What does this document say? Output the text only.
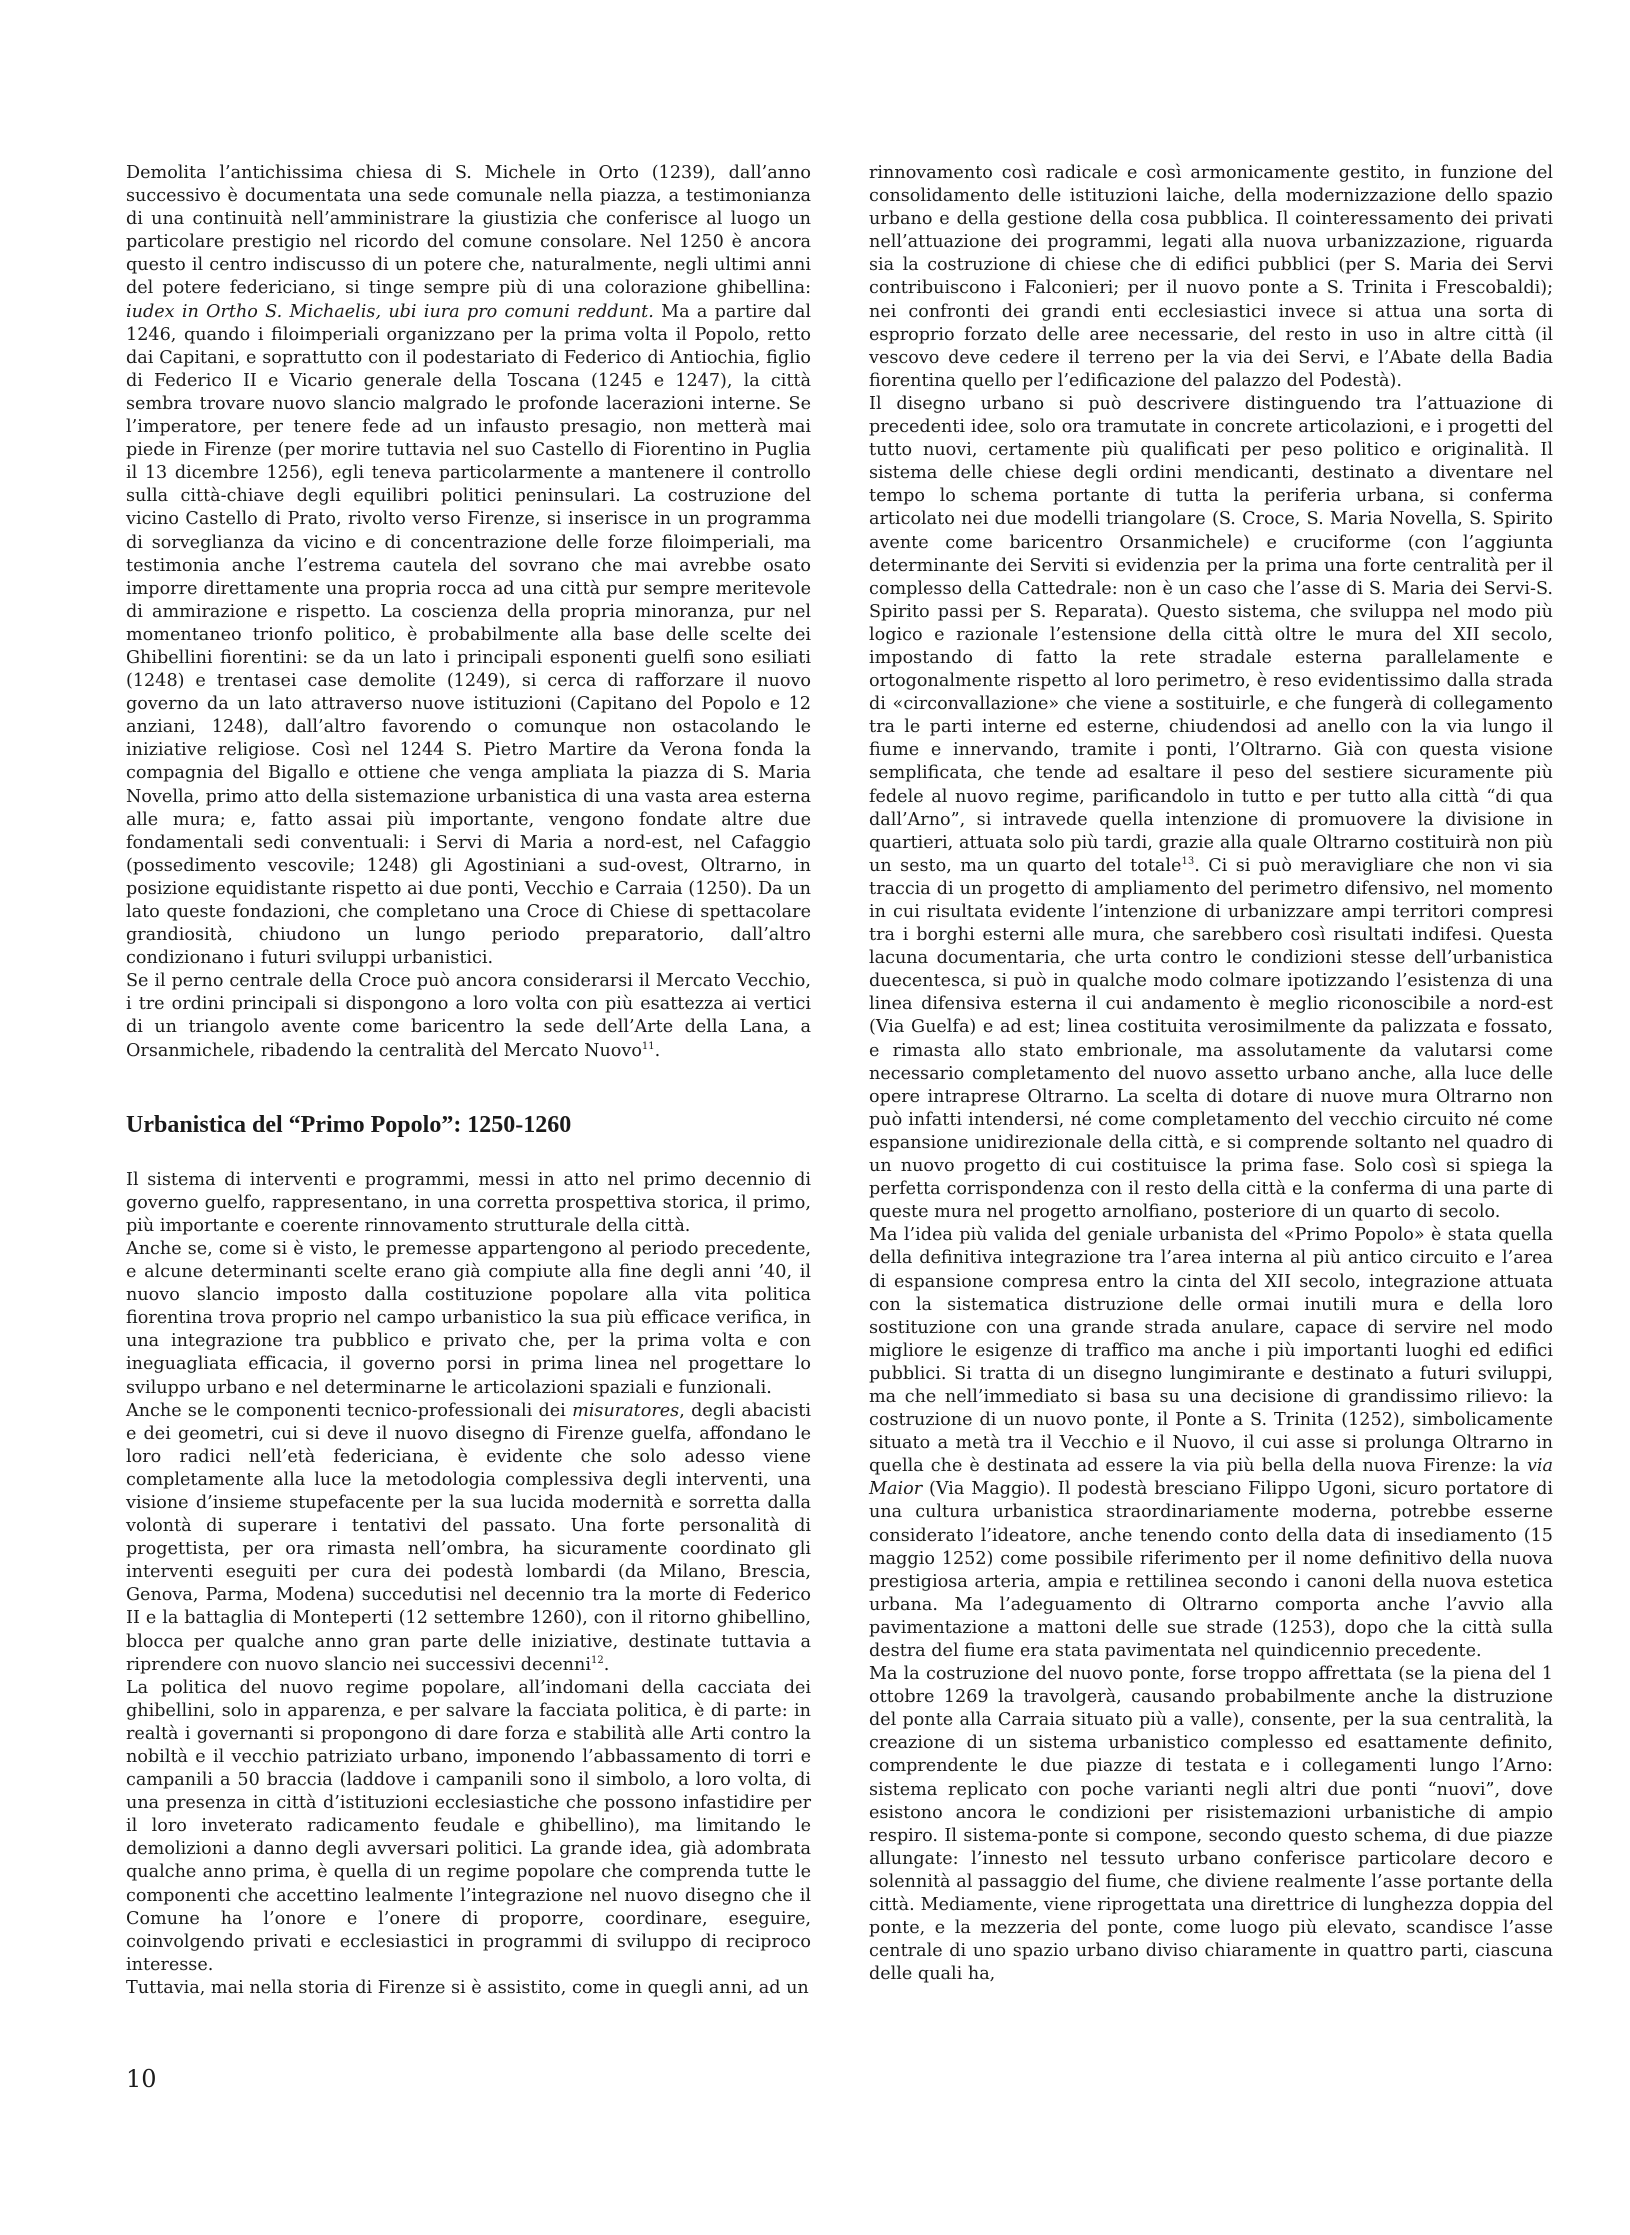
Demolita l’antichissima chiesa di S. Michele in Orto (1239), dall’anno successivo è documentata una sede comunale nella piazza, a testimonianza di una continuità nell’amministrare la giustizia che conferisce al luogo un particolare prestigio nel ricordo del comune consolare. Nel 1250 è ancora questo il centro indiscusso di un potere che, naturalmente, negli ultimi anni del potere federiciano, si tinge sempre più di una colorazione ghibellina: iudex in Ortho S. Michaelis, ubi iura pro comuni reddunt. Ma a partire dal 1246, quando i filoimperiali organizzano per la prima volta il Popolo, retto dai Capitani, e soprattutto con il podestariato di Federico di Antiochia, figlio di Federico II e Vicario generale della Toscana (1245 e 1247), la città sembra trovare nuovo slancio malgrado le profonde lacerazioni interne. Se l’imperatore, per tenere fede ad un infausto presagio, non metterà mai piede in Firenze (per morire tuttavia nel suo Castello di Fiorentino in Puglia il 13 dicembre 1256), egli teneva particolarmente a mantenere il controllo sulla città-chiave degli equilibri politici peninsulari. La costruzione del vicino Castello di Prato, rivolto verso Firenze, si inserisce in un programma di sorveglianza da vicino e di concentrazione delle forze filoimperiali, ma testimonia anche l’estrema cautela del sovrano che mai avrebbe osato imporre direttamente una propria rocca ad una città pur sempre meritevole di ammirazione e rispetto. La coscienza della propria minoranza, pur nel momentaneo trionfo politico, è probabilmente alla base delle scelte dei Ghibellini fiorentini: se da un lato i principali esponenti guelfi sono esiliati (1248) e trentasei case demolite (1249), si cerca di rafforzare il nuovo governo da un lato attraverso nuove istituzioni (Capitano del Popolo e 12 anziani, 1248), dall’altro favorendo o comunque non ostacolando le iniziative religiose. Così nel 1244 S. Pietro Martire da Verona fonda la compagnia del Bigallo e ottiene che venga ampliata la piazza di S. Maria Novella, primo atto della sistemazione urbanistica di una vasta area esterna alle mura; e, fatto assai più importante, vengono fondate altre due fondamentali sedi conventuali: i Servi di Maria a nord-est, nel Cafaggio (possedimento vescovile; 1248) gli Agostiniani a sud-ovest, Oltrarno, in posizione equidistante rispetto ai due ponti, Vecchio e Carraia (1250). Da un lato queste fondazioni, che completano una Croce di Chiese di spettacolare grandiosità, chiudono un lungo periodo preparatorio, dall’altro condizionano i futuri sviluppi urbanistici.

Se il perno centrale della Croce può ancora considerarsi il Mercato Vecchio, i tre ordini principali si dispongono a loro volta con più esattezza ai vertici di un triangolo avente come baricentro la sede dell’Arte della Lana, a Orsanmichele, ribadendo la centralità del Mercato Nuovo$^{11}$.

Urbanistica del “Primo Popolo”: 1250-1260

Il sistema di interventi e programmi, messi in atto nel primo decennio di governo guelfo, rappresentano, in una corretta prospettiva storica, il primo, più importante e coerente rinnovamento strutturale della città.

Anche se, come si è visto, le premesse appartengono al periodo precedente, e alcune determinanti scelte erano già compiute alla fine degli anni ’40, il nuovo slancio imposto dalla costituzione popolare alla vita politica fiorentina trova proprio nel campo urbanistico la sua più efficace verifica, in una integrazione tra pubblico e privato che, per la prima volta e con ineguagliata efficacia, il governo porsi in prima linea nel progettare lo sviluppo urbano e nel determinarne le articolazioni spaziali e funzionali.

Anche se le componenti tecnico-professionali dei misuratores, degli abacisti e dei geometri, cui si deve il nuovo disegno di Firenze guelfa, affondano le loro radici nell’età federiciana, è evidente che solo adesso viene completamente alla luce la metodologia complessiva degli interventi, una visione d’insieme stupefacente per la sua lucida modernità e sorretta dalla volontà di superare i tentativi del passato. Una forte personalità di progettista, per ora rimasta nell’ombra, ha sicuramente coordinato gli interventi eseguiti per cura dei podestà lombardi (da Milano, Brescia, Genova, Parma, Modena) succedutisi nel decennio tra la morte di Federico II e la battaglia di Monteperti (12 settembre 1260), con il ritorno ghibellino, blocca per qualche anno gran parte delle iniziative, destinate tuttavia a riprendere con nuovo slancio nei successivi decenni$^{12}$.

La politica del nuovo regime popolare, all’indomani della cacciata dei ghibellini, solo in apparenza, e per salvare la facciata politica, è di parte: in realtà i governanti si propongono di dare forza e stabilità alle Arti contro la nobiltà e il vecchio patriziato urbano, imponendo l’abbassamento di torri e campanili a 50 braccia (laddove i campanili sono il simbolo, a loro volta, di una presenza in città d’istituzioni ecclesiastiche che possono infastidire per il loro inveterato radicamento feudale e ghibellino), ma limitando le demolizioni a danno degli avversari politici. La grande idea, già adombrata qualche anno prima, è quella di un regime popolare che comprenda tutte le componenti che accettino lealmente l’integrazione nel nuovo disegno che il Comune ha l’onore e l’onere di proporre, coordinare, eseguire, coinvolgendo privati e ecclesiastici in programmi di sviluppo di reciproco interesse.

Tuttavia, mai nella storia di Firenze si è assistito, come in quegli anni, ad un

rinnovamento così radicale e così armonicamente gestito, in funzione del consolidamento delle istituzioni laiche, della modernizzazione dello spazio urbano e della gestione della cosa pubblica. Il cointeressamento dei privati nell’attuazione dei programmi, legati alla nuova urbanizzazione, riguarda sia la costruzione di chiese che di edifici pubblici (per S. Maria dei Servi contribuiscono i Falconieri; per il nuovo ponte a S. Trinita i Frescobaldi); nei confronti dei grandi enti ecclesiastici invece si attua una sorta di esproprio forzato delle aree necessarie, del resto in uso in altre città (il vescovo deve cedere il terreno per la via dei Servi, e l’Abate della Badia fiorentina quello per l’edificazione del palazzo del Podestà).

Il disegno urbano si può descrivere distinguendo tra l’attuazione di precedenti idee, solo ora tramutate in concrete articolazioni, e i progetti del tutto nuovi, certamente più qualificati per peso politico e originalità. Il sistema delle chiese degli ordini mendicanti, destinato a diventare nel tempo lo schema portante di tutta la periferia urbana, si conferma articolato nei due modelli triangolare (S. Croce, S. Maria Novella, S. Spirito avente come baricentro Orsanmichele) e cruciforme (con l’aggiunta determinante dei Serviti si evidenzia per la prima una forte centralità per il complesso della Cattedrale: non è un caso che l’asse di S. Maria dei Servi-S. Spirito passi per S. Reparata). Questo sistema, che sviluppa nel modo più logico e razionale l’estensione della città oltre le mura del XII secolo, impostando di fatto la rete stradale esterna parallelamente e ortogonalmente rispetto al loro perimetro, è reso evidentissimo dalla strada di «circonvallazione» che viene a sostituirle, e che fungerà di collegamento tra le parti interne ed esterne, chiudendosi ad anello con la via lungo il fiume e innervando, tramite i ponti, l’Oltrarno. Già con questa visione semplificata, che tende ad esaltare il peso del sestiere sicuramente più fedele al nuovo regime, parificandolo in tutto e per tutto alla città “di qua dall’Arno”, si intravede quella intenzione di promuovere la divisione in quartieri, attuata solo più tardi, grazie alla quale Oltrarno costituirà non più un sesto, ma un quarto del totale$^{13}$. Ci si può meravigliare che non vi sia traccia di un progetto di ampliamento del perimetro difensivo, nel momento in cui risultata evidente l’intenzione di urbanizzare ampi territori compresi tra i borghi esterni alle mura, che sarebbero così risultati indifesi. Questa lacuna documentaria, che urta contro le condizioni stesse dell’urbanistica duecentesca, si può in qualche modo colmare ipotizzando l’esistenza di una linea difensiva esterna il cui andamento è meglio riconoscibile a nord-est (Via Guelfa) e ad est; linea costituita verosimilmente da palizzata e fossato, e rimasta allo stato embrionale, ma assolutamente da valutarsi come necessario completamento del nuovo assetto urbano anche, alla luce delle opere intraprese Oltrarno. La scelta di dotare di nuove mura Oltrarno non può infatti intendersi, né come completamento del vecchio circuito né come espansione unidirezionale della città, e si comprende soltanto nel quadro di un nuovo progetto di cui costituisce la prima fase. Solo così si spiega la perfetta corrispondenza con il resto della città e la conferma di una parte di queste mura nel progetto arnolfiano, posteriore di un quarto di secolo.

Ma l’idea più valida del geniale urbanista del «Primo Popolo» è stata quella della definitiva integrazione tra l’area interna al più antico circuito e l’area di espansione compresa entro la cinta del XII secolo, integrazione attuata con la sistematica distruzione delle ormai inutili mura e della loro sostituzione con una grande strada anulare, capace di servire nel modo migliore le esigenze di traffico ma anche i più importanti luoghi ed edifici pubblici. Si tratta di un disegno lungimirante e destinato a futuri sviluppi, ma che nell’immediato si basa su una decisione di grandissimo rilievo: la costruzione di un nuovo ponte, il Ponte a S. Trinita (1252), simbolicamente situato a metà tra il Vecchio e il Nuovo, il cui asse si prolunga Oltrarno in quella che è destinata ad essere la via più bella della nuova Firenze: la via Maior (Via Maggio). Il podestà bresciano Filippo Ugoni, sicuro portatore di una cultura urbanistica straordinariamente moderna, potrebbe esserne considerato l’ideatore, anche tenendo conto della data di insediamento (15 maggio 1252) come possibile riferimento per il nome definitivo della nuova prestigiosa arteria, ampia e rettilinea secondo i canoni della nuova estetica urbana. Ma l’adeguamento di Oltrarno comporta anche l’avvio alla pavimentazione a mattoni delle sue strade (1253), dopo che la città sulla destra del fiume era stata pavimentata nel quindicennio precedente.

Ma la costruzione del nuovo ponte, forse troppo affrettata (se la piena del 1 ottobre 1269 la travolgerà, causando probabilmente anche la distruzione del ponte alla Carraia situato più a valle), consente, per la sua centralità, la creazione di un sistema urbanistico complesso ed esattamente definito, comprendente le due piazze di testata e i collegamenti lungo l’Arno: sistema replicato con poche varianti negli altri due ponti “nuovi”, dove esistono ancora le condizioni per risistemazioni urbanistiche di ampio respiro. Il sistema-ponte si compone, secondo questo schema, di due piazze allungate: l’innesto nel tessuto urbano conferisce particolare decoro e solennità al passaggio del fiume, che diviene realmente l’asse portante della città. Mediamente, viene riprogettata una direttrice di lunghezza doppia del ponte, e la mezzeria del ponte, come luogo più elevato, scandisce l’asse centrale di uno spazio urbano diviso chiaramente in quattro parti, ciascuna delle quali ha,

10
